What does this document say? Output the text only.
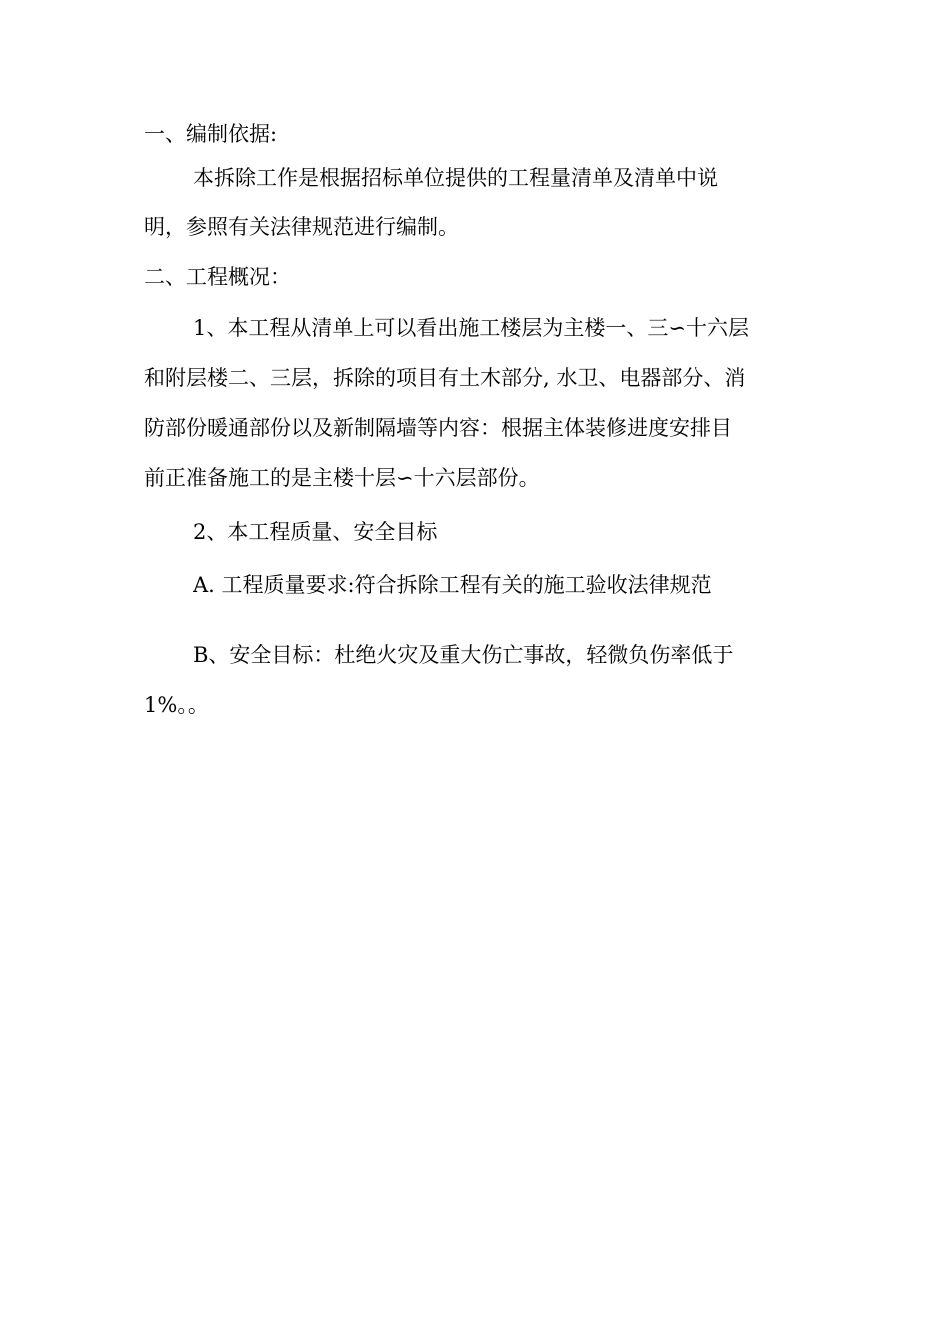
一、编制依据:
本拆除工作是根据招标单位提供的工程量清单及清单中说
明，参照有关法律规范进行编制。
二、工程概况：
1、本工程从清单上可以看出施工楼层为主楼一、三∽十六层
和附层楼二、三层，拆除的项目有土木部分, 水卫、电器部分、消
防部份暖通部份以及新制隔墙等内容：根据主体装修进度安排目
前正准备施工的是主楼十层∽十六层部份。
2、本工程质量、安全目标
A. 工程质量要求:符合拆除工程有关的施工验收法律规范
B、安全目标：杜绝火灾及重大伤亡事故，轻微负伤率低于
1%。。
